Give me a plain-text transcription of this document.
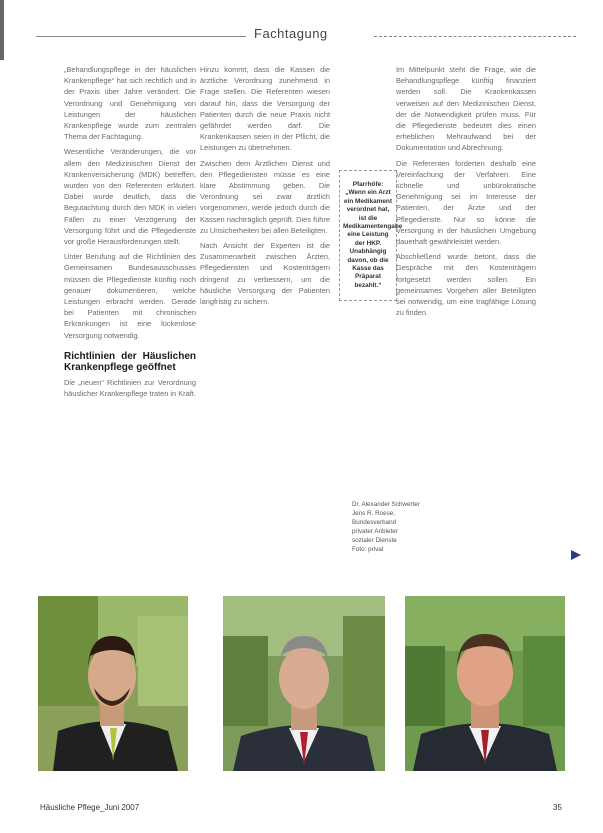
Fachtagung

„Behandlungspflege in der häuslichen Krankenpflege“ hat sich rechtlich und in der Praxis über Jahre verändert. Die Verordnung und Genehmigung von Leistungen der häuslichen Krankenpflege wurde zum zentralen Thema der Fachtagung.

Wesentliche Veränderungen, die vor allem den Medizinischen Dienst der Krankenversicherung (MDK) betreffen, wurden von den Referenten erläutert. Dabei wurde deutlich, dass die Begutachtung durch den MDK in vielen Fällen zu einer Verzögerung der Versorgung führt und die Pflegedienste vor große Herausforderungen stellt.

Unter Berufung auf die Richtlinien des Gemeinsamen Bundesausschusses müssen die Pflegedienste künftig noch genauer dokumentieren, welche Leistungen erbracht werden. Gerade bei Patienten mit chronischen Erkrankungen ist eine lückenlose Versorgung notwendig.

Richtlinien der Häuslichen Krankenpflege geöffnet

Die „neuen“ Richtlinien zur Verordnung häuslicher Krankenpflege traten in Kraft.

Hinzu kommt, dass die Kassen die ärztliche Verordnung zunehmend in Frage stellen. Die Referenten wiesen darauf hin, dass die Versorgung der Patienten durch die neue Praxis nicht gefährdet werden darf. Die Krankenkassen seien in der Pflicht, die Leistungen zu übernehmen.

Zwischen dem Ärztlichen Dienst und den Pflegediensten müsse es eine klare Abstimmung geben. Die Verordnung sei zwar ärztlich vorgenommen, werde jedoch durch die Kassen nachträglich geprüft. Dies führe zu Unsicherheiten bei allen Beteiligten.

Nach Ansicht der Experten ist die Zusammenarbeit zwischen Ärzten, Pflegediensten und Kostenträgern dringend zu verbessern, um die häusliche Versorgung der Patienten langfristig zu sichern.

Pfarrhöfe: „Wenn ein Arzt ein Medikament verordnet hat, ist die Medikamentengabe eine Leistung der HKP. Unabhängig davon, ob die Kasse das Präparat bezahlt.“

Im Mittelpunkt steht die Frage, wie die Behandlungspflege künftig finanziert werden soll. Die Krankenkassen verweisen auf den Medizinischen Dienst, der die Notwendigkeit prüfen muss. Für die Pflegedienste bedeutet dies einen erheblichen Mehraufwand bei der Dokumentation und Abrechnung.

Die Referenten forderten deshalb eine Vereinfachung der Verfahren. Eine schnelle und unbürokratische Genehmigung sei im Interesse der Patienten, der Ärzte und der Pflegedienste. Nur so könne die Versorgung in der häuslichen Umgebung dauerhaft gewährleistet werden.

Abschließend wurde betont, dass die Gespräche mit den Kostenträgern fortgesetzt werden sollen. Ein gemeinsames Vorgehen aller Beteiligten sei notwendig, um eine tragfähige Lösung zu finden.

Dr. Alexander Schwerter
Jens R. Roese,
Bundesverband
privater Anbieter
sozialer Dienste
Foto: privat
Häusliche Pflege_Juni 2007	35
